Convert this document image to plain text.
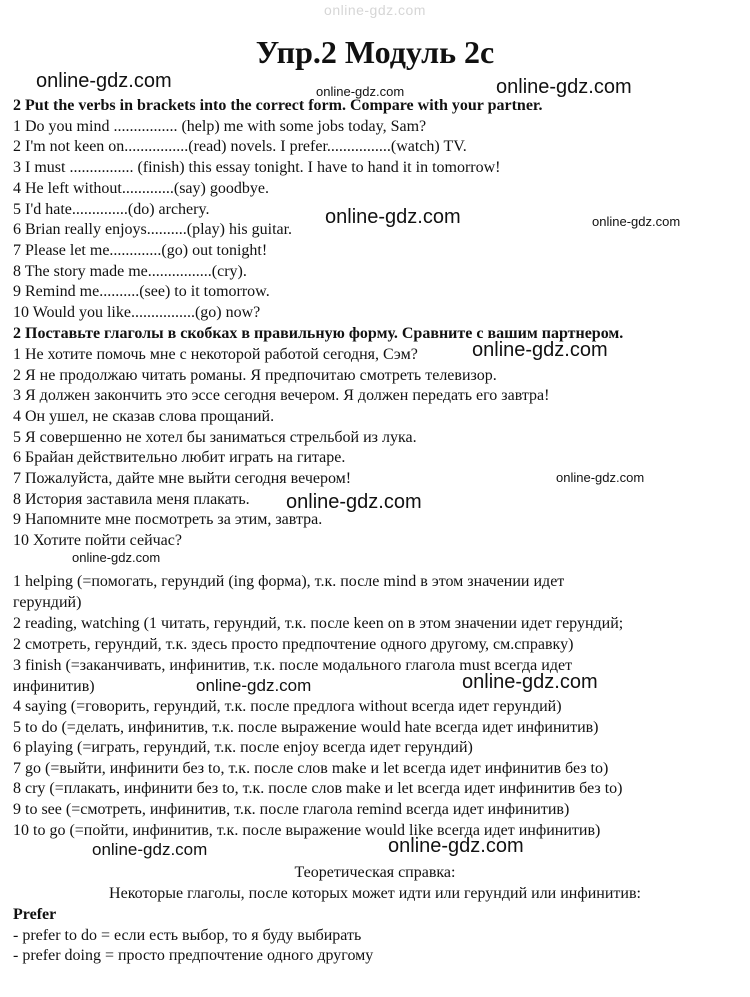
online-gdz.com
Упр.2 Модуль 2с
2 Put the verbs in brackets into the correct form. Compare with your partner.
1 Do you mind ................ (help) me with some jobs today, Sam?
2 I'm not keen on................(read) novels. I prefer................(watch) TV.
3 I must ................ (finish) this essay tonight. I have to hand it in tomorrow!
4 He left without.............(say) goodbye.
5 I'd hate..............(do) archery.
6 Brian really enjoys..........(play) his guitar.
7 Please let me.............(go) out tonight!
8 The story made me................(cry).
9 Remind me..........(see) to it tomorrow.
10 Would you like................(go) now?
2 Поставьте глаголы в скобках в правильную форму. Сравните с вашим партнером.
1 Не хотите помочь мне с некоторой работой сегодня, Сэм?
2 Я не продолжаю читать романы. Я предпочитаю смотреть телевизор.
3 Я должен закончить это эссе сегодня вечером. Я должен передать его завтра!
4 Он ушел, не сказав слова прощаний.
5 Я совершенно не хотел бы заниматься стрельбой из лука.
6 Брайан действительно любит играть на гитаре.
7 Пожалуйста, дайте мне выйти сегодня вечером!
8 История заставила меня плакать.
9 Напомните мне посмотреть за этим, завтра.
10 Хотите пойти сейчас?
1 helping (=помогать, герундий (ing форма), т.к. после mind в этом значении идет
герундий)
2 reading, watching (1 читать, герундий, т.к. после keen on в этом значении идет герундий;
2 смотреть, герундий, т.к. здесь просто предпочтение одного другому, см.справку)
3 finish (=заканчивать, инфинитив, т.к. после модального глагола must всегда идет
инфинитив)
4 saying (=говорить, герундий, т.к. после предлога without всегда идет герундий)
5 to do (=делать, инфинитив, т.к. после выражение would hate всегда идет инфинитив)
6 playing (=играть, герундий, т.к. после enjoy всегда идет герундий)
7 go (=выйти, инфинити без to, т.к. после слов make и let всегда идет инфинитив без to)
8 cry (=плакать, инфинити без to, т.к. после слов make и let всегда идет инфинитив без to)
9 to see (=смотреть, инфинитив, т.к. после глагола remind всегда идет инфинитив)
10 to go (=пойти, инфинитив, т.к. после выражение would like всегда идет инфинитив)
Теоретическая справка:
Некоторые глаголы, после которых может идти или герундий или инфинитив:
Prefer
- prefer to do = если есть выбор, то я буду выбирать
- prefer doing = просто предпочтение одного другому
online-gdz.com	online-gdz.com	online-gdz.com
online-gdz.com	online-gdz.com
online-gdz.com
online-gdz.com
online-gdz.com
online-gdz.com
online-gdz.com	online-gdz.com
online-gdz.com	online-gdz.com
